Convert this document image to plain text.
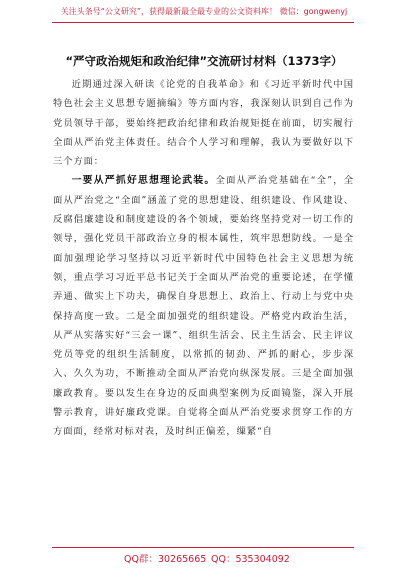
关注头条号“公文研究”，获得最新最全最专业的公文资料库！ 微信：gongwenyj
“严守政治规矩和政治纪律”交流研讨材料（1373字）

近期通过深入研读《论党的自我革命》和《习近平新时代中国特色社会主义思想专题摘编》等方面内容，我深刻认识到自己作为党员领导干部，要始终把政治纪律和政治规矩挺在前面，切实履行全面从严治党主体责任。结合个人学习和理解，我认为要做好以下三个方面：

一要从严抓好思想理论武装。全面从严治党基础在“全”，全面从严治党之“全面”涵盖了党的思想建设、组织建设、作风建设、反腐倡廉建设和制度建设的各个领域，要始终坚持党对一切工作的领导，强化党员干部政治立身的根本属性，筑牢思想防线。一是全面加强理论学习坚持以习近平新时代中国特色社会主义思想为统领，重点学习习近平总书记关于全面从严治党的重要论述，在学懂弄通、做实上下功夫，确保自身思想上、政治上、行动上与党中央保持高度一致。二是全面加强党的组织建设。严格党内政治生活，从严从实落实好“三会一课”、组织生活会、民主生活会、民主评议党员等党的组织生活制度，以常抓的韧劲、严抓的耐心，步步深入、久久为功，不断推动全面从严治党向纵深发展。三是全面加强廉政教育。要以发生在身边的反面典型案例为反面镜鉴，深入开展警示教育，讲好廉政党课。自觉将全面从严治党要求贯穿工作的方方面面，经常对标对表，及时纠正偏差，缫紧“自

QQ群：30265665 QQ：535304092
